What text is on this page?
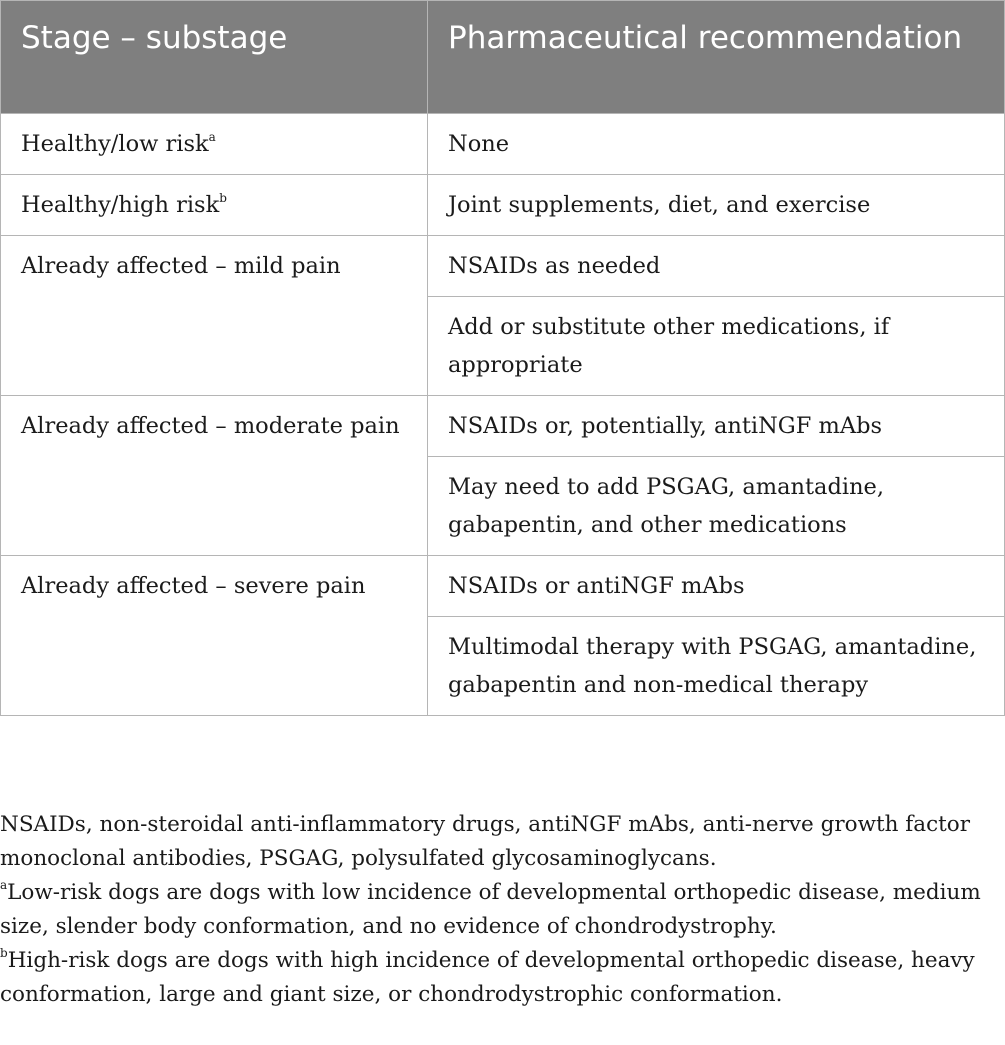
Stage – substage	Pharmaceutical recommendation
Healthy/low risk$^a$	None
Healthy/high risk$^b$	Joint supplements, diet, and exercise
Already affected – mild pain	NSAIDs as needed
	Add or substitute other medications, if appropriate
Already affected – moderate pain	NSAIDs or, potentially, antiNGF mAbs
	May need to add PSGAG, amantadine, gabapentin, and other medications
Already affected – severe pain	NSAIDs or antiNGF mAbs
	Multimodal therapy with PSGAG, amantadine, gabapentin and non-medical therapy

NSAIDs, non-steroidal anti-inflammatory drugs, antiNGF mAbs, anti-nerve growth factor monoclonal antibodies, PSGAG, polysulfated glycosaminoglycans.

$^a$Low-risk dogs are dogs with low incidence of developmental orthopedic disease, medium size, slender body conformation, and no evidence of chondrodystrophy.

$^b$High-risk dogs are dogs with high incidence of developmental orthopedic disease, heavy conformation, large and giant size, or chondrodystrophic conformation.
